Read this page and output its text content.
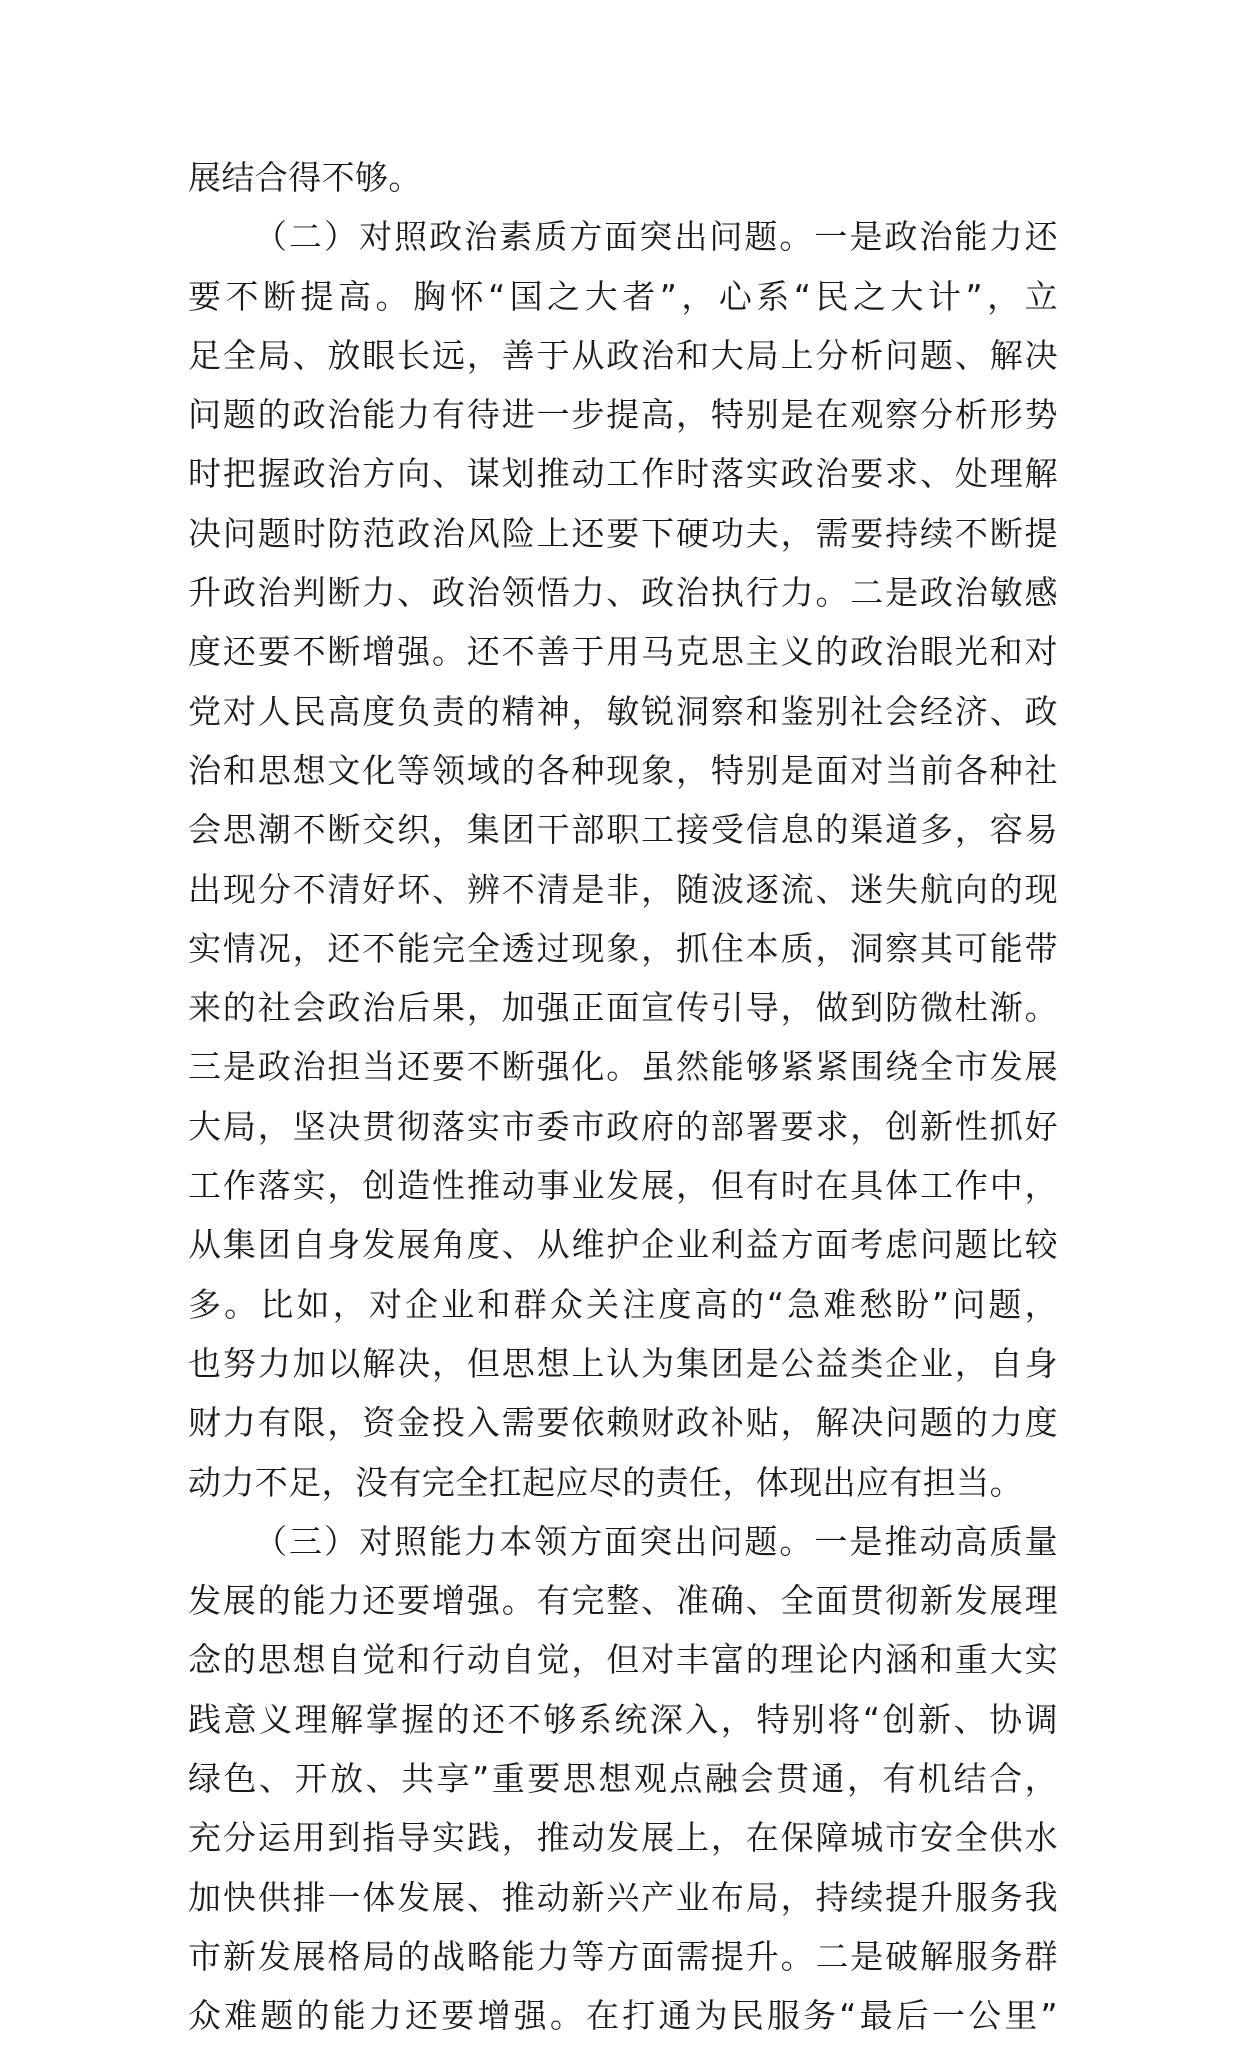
展结合得不够。
（二）对照政治素质方面突出问题。一是政治能力还
要不断提高。胸怀“国之大者”，心系“民之大计”，立
足全局、放眼长远，善于从政治和大局上分析问题、解决
问题的政治能力有待进一步提高，特别是在观察分析形势
时把握政治方向、谋划推动工作时落实政治要求、处理解
决问题时防范政治风险上还要下硬功夫，需要持续不断提
升政治判断力、政治领悟力、政治执行力。二是政治敏感
度还要不断增强。还不善于用马克思主义的政治眼光和对
党对人民高度负责的精神，敏锐洞察和鉴别社会经济、政
治和思想文化等领域的各种现象，特别是面对当前各种社
会思潮不断交织，集团干部职工接受信息的渠道多，容易
出现分不清好坏、辨不清是非，随波逐流、迷失航向的现
实情况，还不能完全透过现象，抓住本质，洞察其可能带
来的社会政治后果，加强正面宣传引导，做到防微杜渐。
三是政治担当还要不断强化。虽然能够紧紧围绕全市发展
大局，坚决贯彻落实市委市政府的部署要求，创新性抓好
工作落实，创造性推动事业发展，但有时在具体工作中，
从集团自身发展角度、从维护企业利益方面考虑问题比较
多。比如，对企业和群众关注度高的“急难愁盼”问题，
也努力加以解决，但思想上认为集团是公益类企业，自身
财力有限，资金投入需要依赖财政补贴，解决问题的力度
动力不足，没有完全扛起应尽的责任，体现出应有担当。
（三）对照能力本领方面突出问题。一是推动高质量
发展的能力还要增强。有完整、准确、全面贯彻新发展理
念的思想自觉和行动自觉，但对丰富的理论内涵和重大实
践意义理解掌握的还不够系统深入，特别将“创新、协调
绿色、开放、共享”重要思想观点融会贯通，有机结合，
充分运用到指导实践，推动发展上，在保障城市安全供水
加快供排一体发展、推动新兴产业布局，持续提升服务我
市新发展格局的战略能力等方面需提升。二是破解服务群
众难题的能力还要增强。在打通为民服务“最后一公里”
